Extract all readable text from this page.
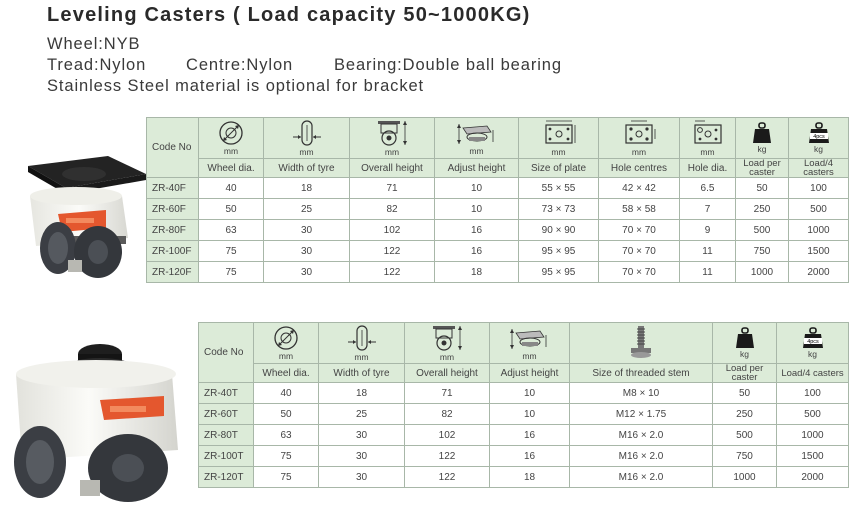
Leveling Casters ( Load capacity 50~1000KG)
Wheel:NYB
Tread:Nylon Centre:Nylon Bearing:Double ball bearing
Stainless Steel material is optional for bracket
Code No	mm	mm	mm	mm	mm	mm	mm	kg	4pcs
kg

	Wheel dia.	Width of tyre	Overall height	Adjust height	Size of plate	Hole centres	Hole dia.	Load per caster	Load/4 casters
ZR-40F	40	18	71	10	55 × 55	42 × 42	6.5	50	100
ZR-60F	50	25	82	10	73 × 73	58 × 58	7	250	500
ZR-80F	63	30	102	16	90 × 90	70 × 70	9	500	1000
ZR-100F	75	30	122	16	95 × 95	70 × 70	11	750	1500
ZR-120F	75	30	122	18	95 × 95	70 × 70	11	1000	2000
Code No	mm	mm	mm	mm		kg	4pcs
kg

	Wheel dia.	Width of tyre	Overall height	Adjust height	Size of threaded stem	Load per caster	Load/4 casters
ZR-40T	40	18	71	10	M8 × 10	50	100
ZR-60T	50	25	82	10	M12 × 1.75	250	500
ZR-80T	63	30	102	16	M16 × 2.0	500	1000
ZR-100T	75	30	122	16	M16 × 2.0	750	1500
ZR-120T	75	30	122	18	M16 × 2.0	1000	2000
